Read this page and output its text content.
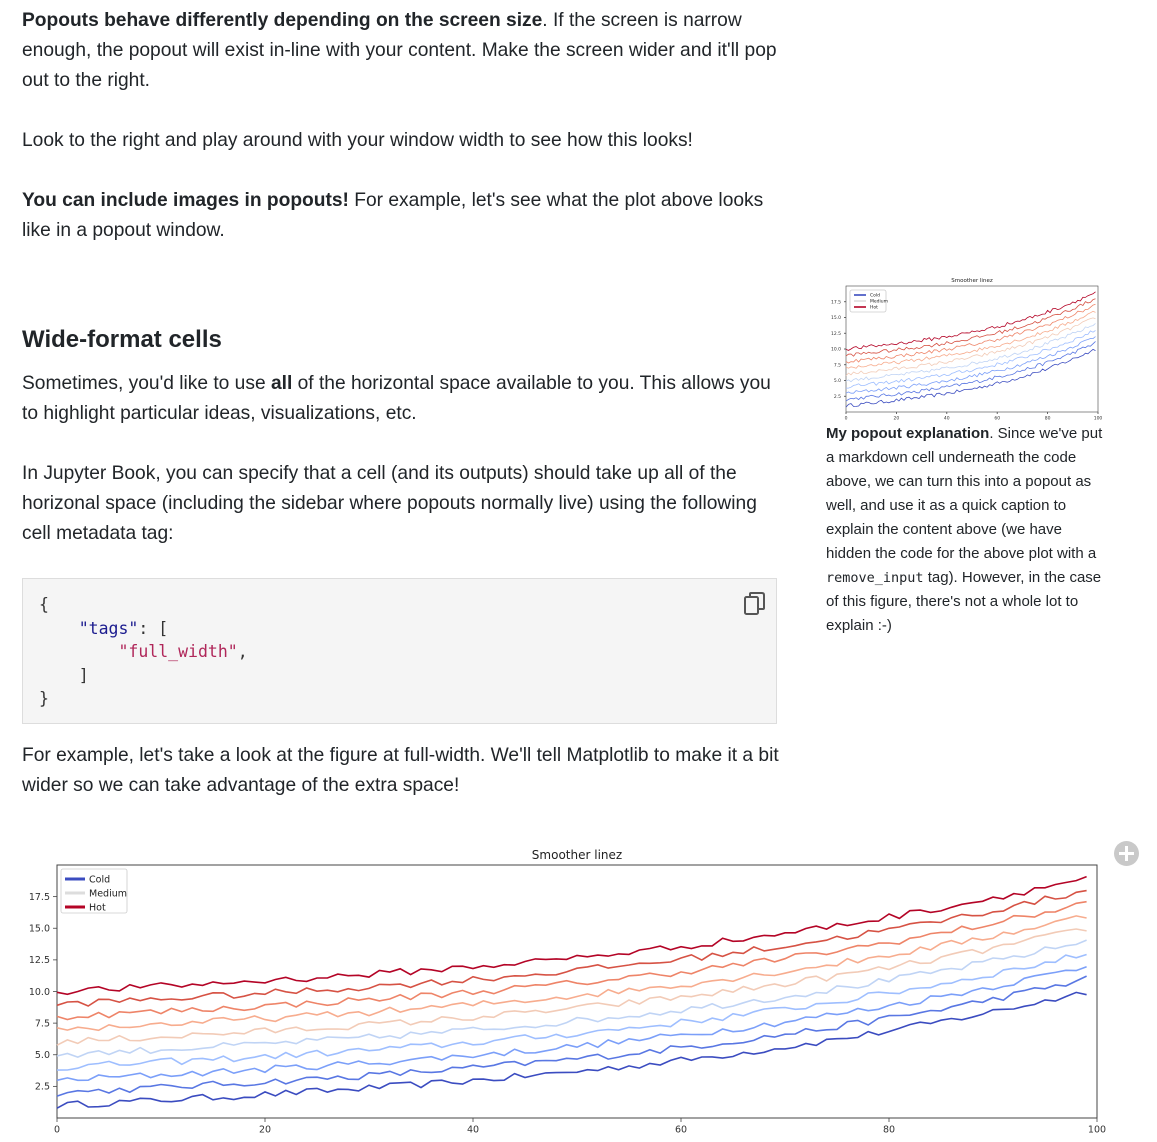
Popouts behave differently depending on the screen size. If the screen is narrow enough, the popout will exist in-line with your content. Make the screen wider and it'll pop out to the right.

Look to the right and play around with your window width to see how this looks!

You can include images in popouts! For example, let's see what the plot above looks like in a popout window.

Wide-format cells

Sometimes, you'd like to use all of the horizontal space available to you. This allows you to highlight particular ideas, visualizations, etc.

In Jupyter Book, you can specify that a cell (and its outputs) should take up all of the horizonal space (including the sidebar where popouts normally live) using the following cell metadata tag:

{
"tags": [
"full_width",
]
}

For example, let's take a look at the figure at full-width. We'll tell Matplotlib to make it a bit wider so we can take advantage of the extra space!

Smoother linez
2.5
5.0
7.5
10.0
12.5
15.0
17.5
0	20	40	60	80	100
Cold
Medium
Hot

My popout explanation. Since we've put a markdown cell underneath the code above, we can turn this into a popout as well, and use it as a quick caption to explain the content above (we have hidden the code for the above plot with a remove_input tag). However, in the case of this figure, there's not a whole lot to explain :-)

Smoother linez
2.5
5.0
7.5
10.0
12.5
15.0
17.5
0	20	40	60	80	100
Cold
Medium
Hot
